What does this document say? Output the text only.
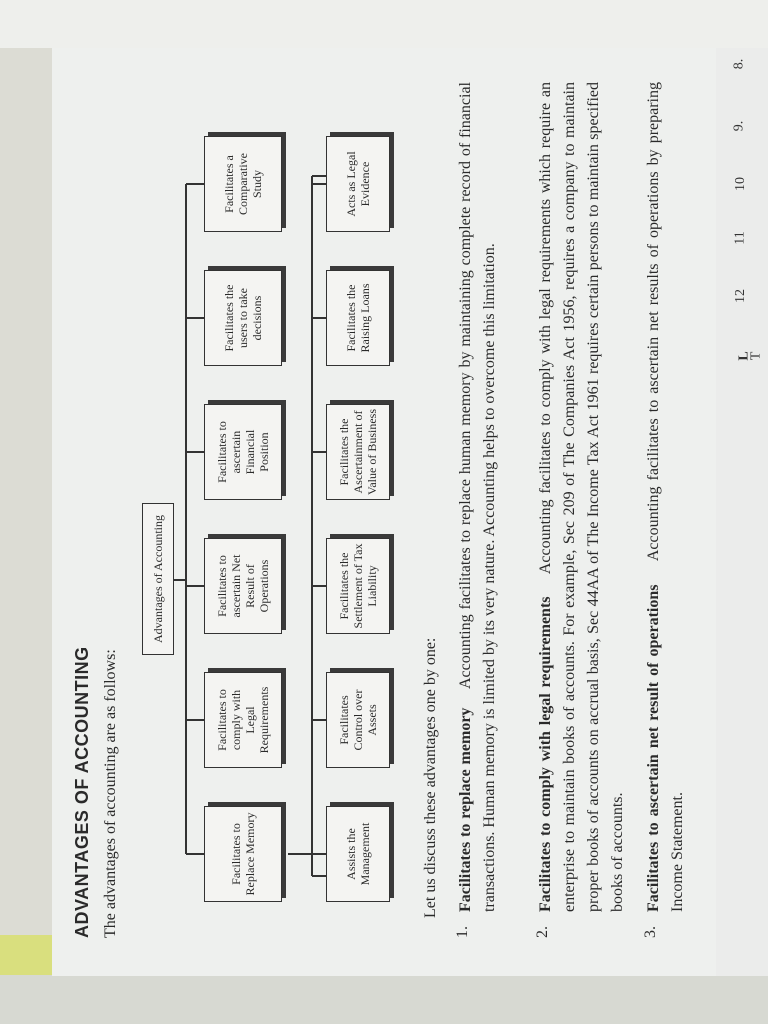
8.
9.
10
11
12
L
T
ADVANTAGES OF ACCOUNTING The advantages of accounting are as follows:
Advantages of Accounting
Facilitates to Replace Memory
Facilitates to comply with Legal Requirements
Facilitates to ascertain Net Result of Operations
Facilitates to ascertain Financial Position
Facilitates the users to take decisions
Facilitates a Comparative Study
Assists the Management
Facilitates Control over Assets
Facilitates the Settlement of Tax Liability
Facilitates the Ascertainment of Value of Business
Facilitates the Raising Loans
Acts as Legal Evidence
Let us discuss these advantages one by one:
1.
Facilitates to replace memory    Accounting facilitates to replace human memory by maintaining complete record of financial transactions. Human memory is limited by its very nature. Accounting helps to overcome this limitation.
2.
Facilitates to comply with legal requirements    Accounting facilitates to comply with legal requirements which require an enterprise to maintain books of accounts. For example, Sec 209 of The Companies Act 1956, requires a company to maintain proper books of accounts on accrual basis, Sec 44AA of The Income Tax Act 1961 requires certain persons to maintain specified books of accounts.
3.
Facilitates to ascertain net result of operations    Accounting facilitates to ascertain net results of operations by preparing Income Statement.
